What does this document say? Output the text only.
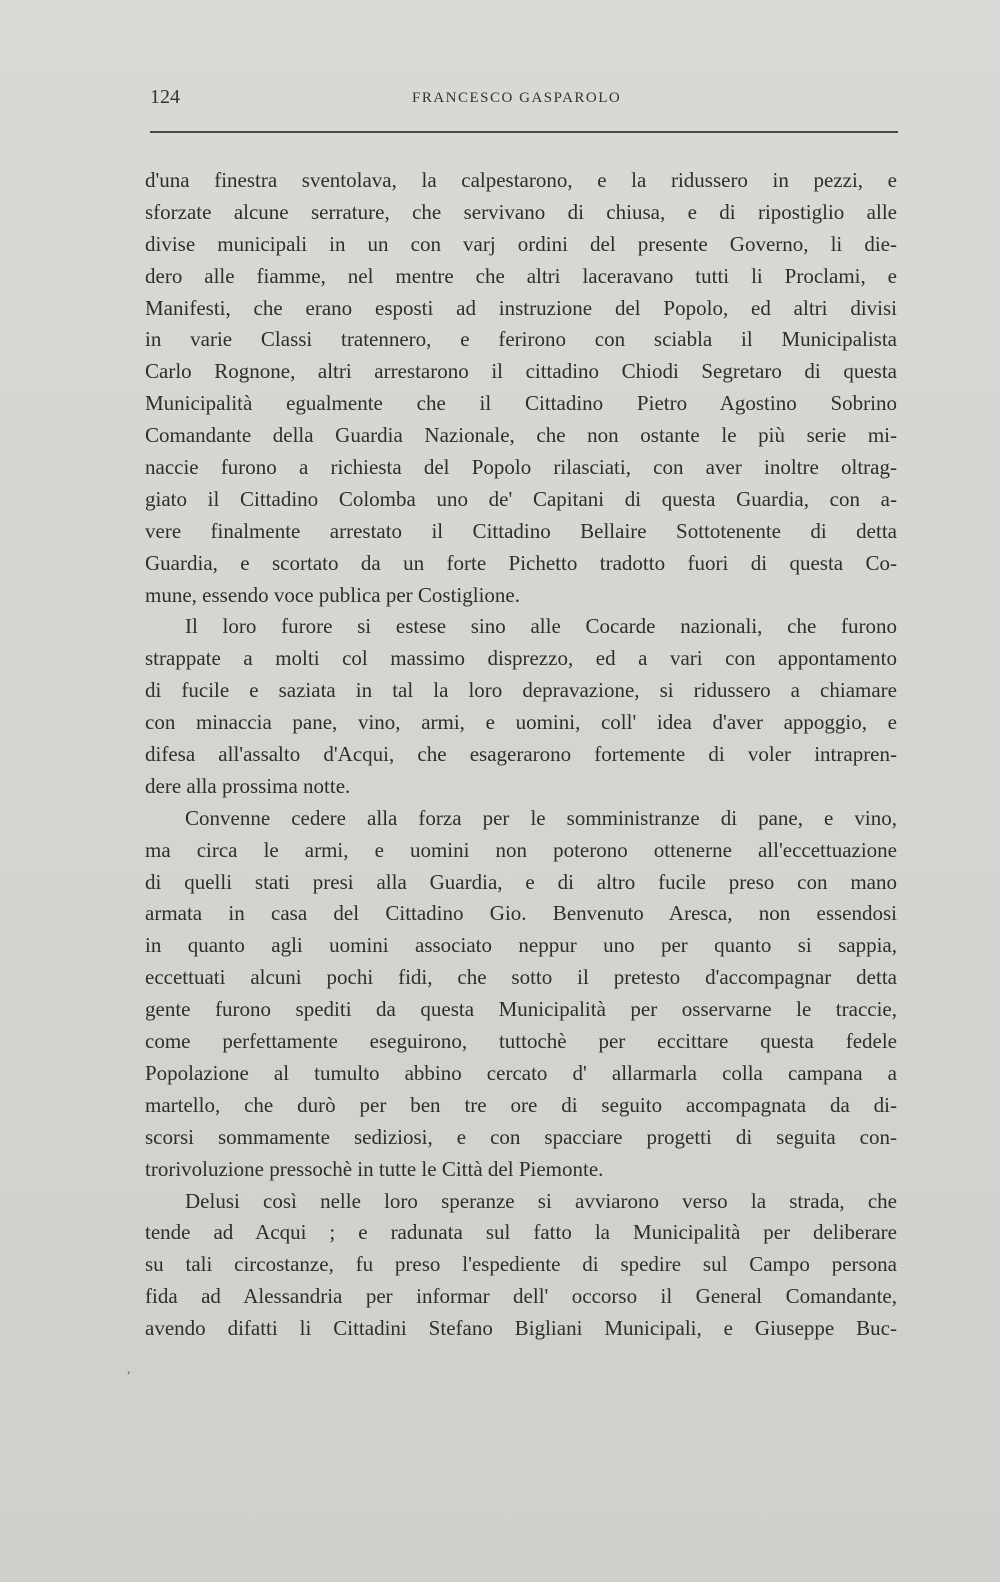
124	FRANCESCO GASPAROLO
d'una finestra sventolava, la calpestarono, e la ridussero in pezzi, e
sforzate alcune serrature, che servivano di chiusa, e di ripostiglio alle
divise municipali in un con varj ordini del presente Governo, li die-
dero alle fiamme, nel mentre che altri laceravano tutti li Proclami, e
Manifesti, che erano esposti ad instruzione del Popolo, ed altri divisi
in varie Classi tratennero, e ferirono con sciabla il Municipalista
Carlo Rognone, altri arrestarono il cittadino Chiodi Segretaro di questa
Municipalità egualmente che il Cittadino Pietro Agostino Sobrino
Comandante della Guardia Nazionale, che non ostante le più serie mi-
naccie furono a richiesta del Popolo rilasciati, con aver inoltre oltrag-
giato il Cittadino Colomba uno de' Capitani di questa Guardia, con a-
vere finalmente arrestato il Cittadino Bellaire Sottotenente di detta
Guardia, e scortato da un forte Pichetto tradotto fuori di questa Co-
mune, essendo voce publica per Costiglione.
Il loro furore si estese sino alle Cocarde nazionali, che furono
strappate a molti col massimo disprezzo, ed a vari con appontamento
di fucile e saziata in tal la loro depravazione, si ridussero a chiamare
con minaccia pane, vino, armi, e uomini, coll' idea d'aver appoggio, e
difesa all'assalto d'Acqui, che esagerarono fortemente di voler intrapren-
dere alla prossima notte.
Convenne cedere alla forza per le somministranze di pane, e vino,
ma circa le armi, e uomini non poterono ottenerne all'eccettuazione
di quelli stati presi alla Guardia, e di altro fucile preso con mano
armata in casa del Cittadino Gio. Benvenuto Aresca, non essendosi
in quanto agli uomini associato neppur uno per quanto si sappia,
eccettuati alcuni pochi fidi, che sotto il pretesto d'accompagnar detta
gente furono spediti da questa Municipalità per osservarne le traccie,
come perfettamente eseguirono, tuttochè per eccittare questa fedele
Popolazione al tumulto abbino cercato d' allarmarla colla campana a
martello, che durò per ben tre ore di seguito accompagnata da di-
scorsi sommamente sediziosi, e con spacciare progetti di seguita con-
trorivoluzione pressochè in tutte le Città del Piemonte.
Delusi così nelle loro speranze si avviarono verso la strada, che
tende ad Acqui ; e radunata sul fatto la Municipalità per deliberare
su tali circostanze, fu preso l'espediente di spedire sul Campo persona
fida ad Alessandria per informar dell' occorso il General Comandante,
avendo difatti li Cittadini Stefano Bigliani Municipali, e Giuseppe Buc-
,
